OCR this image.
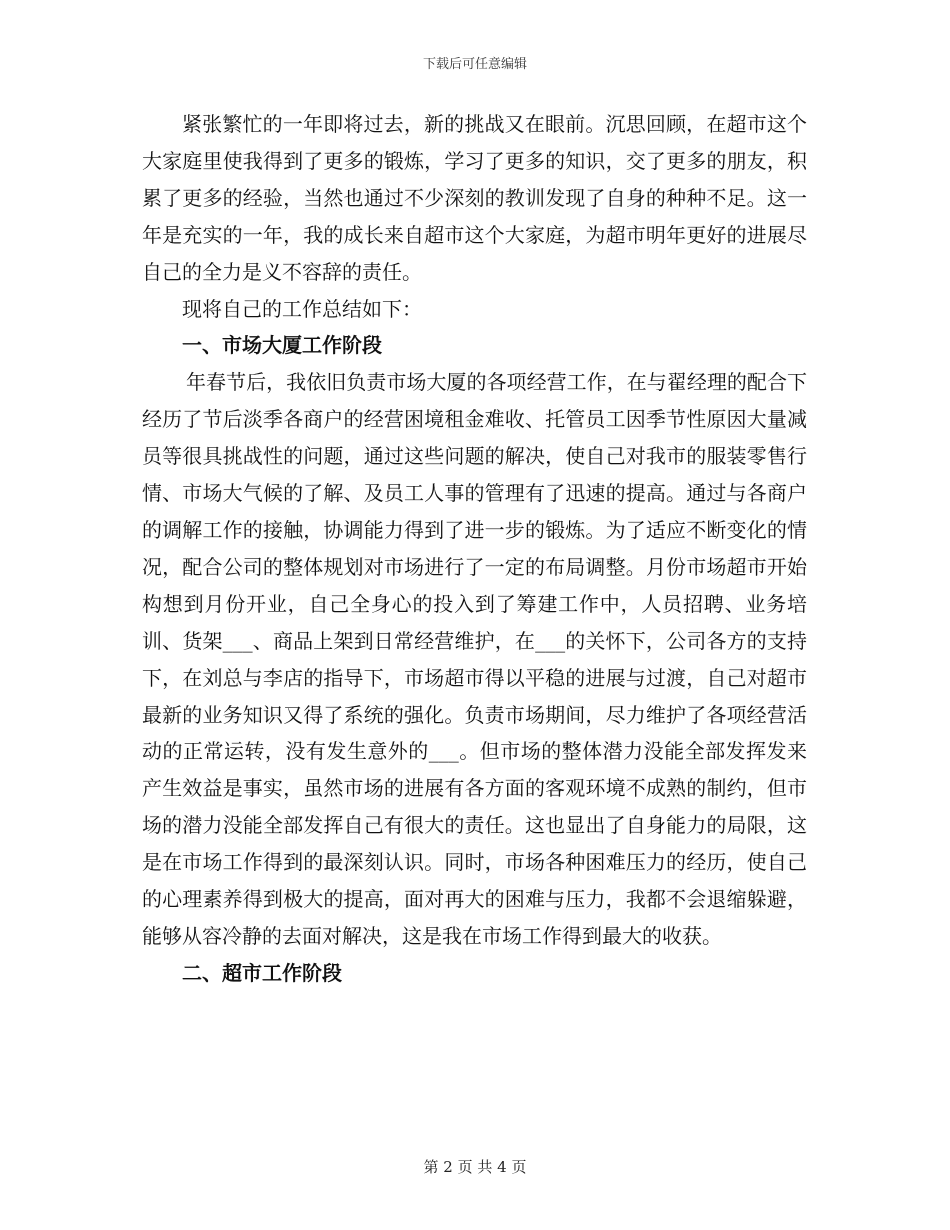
下载后可任意编辑

紧张繁忙的一年即将过去，新的挑战又在眼前。沉思回顾，在超市这个大家庭里使我得到了更多的锻炼，学习了更多的知识，交了更多的朋友，积累了更多的经验，当然也通过不少深刻的教训发现了自身的种种不足。这一年是充实的一年，我的成长来自超市这个大家庭，为超市明年更好的进展尽自己的全力是义不容辞的责任。

现将自己的工作总结如下：

一、市场大厦工作阶段

年春节后，我依旧负责市场大厦的各项经营工作，在与翟经理的配合下经历了节后淡季各商户的经营困境租金难收、托管员工因季节性原因大量减员等很具挑战性的问题，通过这些问题的解决，使自己对我市的服装零售行情、市场大气候的了解、及员工人事的管理有了迅速的提高。通过与各商户的调解工作的接触，协调能力得到了进一步的锻炼。为了适应不断变化的情况，配合公司的整体规划对市场进行了一定的布局调整。月份市场超市开始构想到月份开业，自己全身心的投入到了筹建工作中，人员招聘、业务培训、货架___、商品上架到日常经营维护，在___的关怀下，公司各方的支持下，在刘总与李店的指导下，市场超市得以平稳的进展与过渡，自己对超市最新的业务知识又得了系统的强化。负责市场期间，尽力维护了各项经营活动的正常运转，没有发生意外的___。但市场的整体潜力没能全部发挥发来产生效益是事实，虽然市场的进展有各方面的客观环境不成熟的制约，但市场的潜力没能全部发挥自己有很大的责任。这也显出了自身能力的局限，这是在市场工作得到的最深刻认识。同时，市场各种困难压力的经历，使自己的心理素养得到极大的提高，面对再大的困难与压力，我都不会退缩躲避，能够从容冷静的去面对解决，这是我在市场工作得到最大的收获。

二、超市工作阶段

第 2 页 共 4 页
